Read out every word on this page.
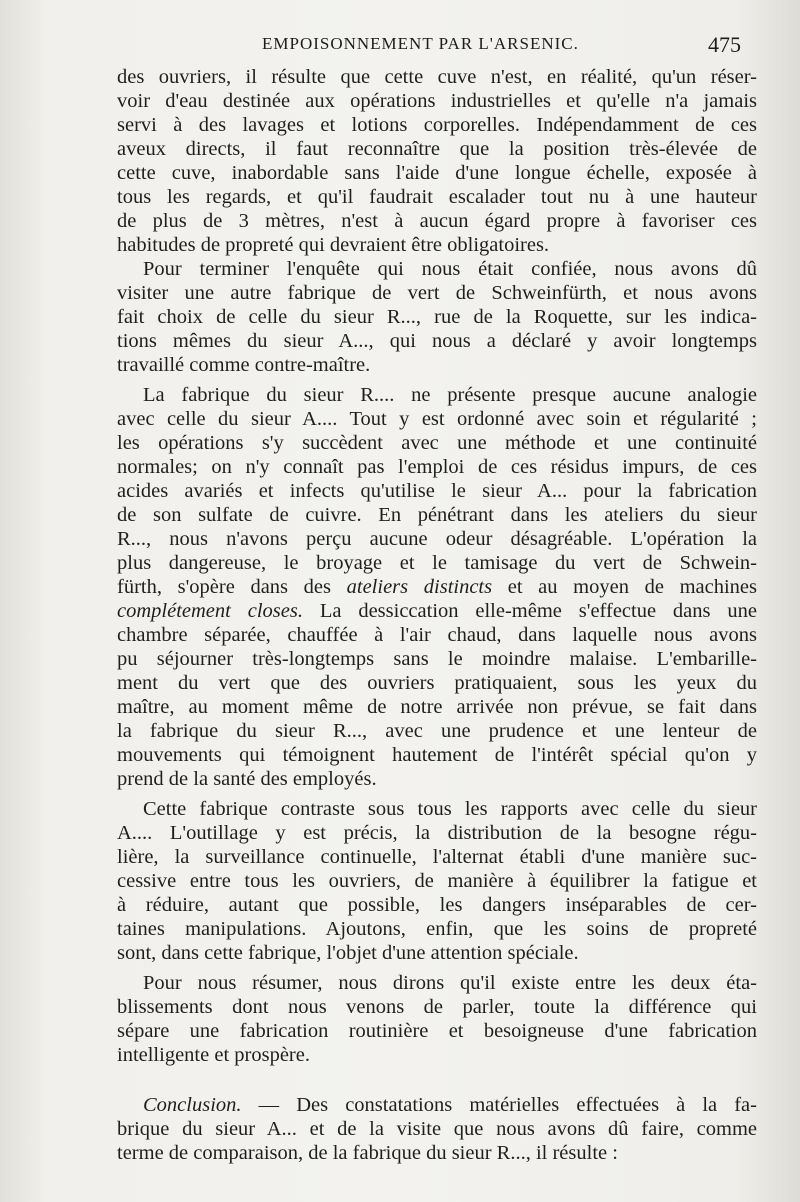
EMPOISONNEMENT PAR L'ARSENIC.	475
des ouvriers, il résulte que cette cuve n'est, en réalité, qu'un réser-
voir d'eau destinée aux opérations industrielles et qu'elle n'a jamais
servi à des lavages et lotions corporelles. Indépendamment de ces
aveux directs, il faut reconnaître que la position très-élevée de
cette cuve, inabordable sans l'aide d'une longue échelle, exposée à
tous les regards, et qu'il faudrait escalader tout nu à une hauteur
de plus de 3 mètres, n'est à aucun égard propre à favoriser ces
habitudes de propreté qui devraient être obligatoires.
Pour terminer l'enquête qui nous était confiée, nous avons dû
visiter une autre fabrique de vert de Schweinfürth, et nous avons
fait choix de celle du sieur R..., rue de la Roquette, sur les indica-
tions mêmes du sieur A..., qui nous a déclaré y avoir longtemps
travaillé comme contre-maître.
La fabrique du sieur R.... ne présente presque aucune analogie
avec celle du sieur A.... Tout y est ordonné avec soin et régularité ;
les opérations s'y succèdent avec une méthode et une continuité
normales; on n'y connaît pas l'emploi de ces résidus impurs, de ces
acides avariés et infects qu'utilise le sieur A... pour la fabrication
de son sulfate de cuivre. En pénétrant dans les ateliers du sieur
R..., nous n'avons perçu aucune odeur désagréable. L'opération la
plus dangereuse, le broyage et le tamisage du vert de Schwein-
fürth, s'opère dans des ateliers distincts et au moyen de machines
complétement closes. La dessiccation elle-même s'effectue dans une
chambre séparée, chauffée à l'air chaud, dans laquelle nous avons
pu séjourner très-longtemps sans le moindre malaise. L'embarille-
ment du vert que des ouvriers pratiquaient, sous les yeux du
maître, au moment même de notre arrivée non prévue, se fait dans
la fabrique du sieur R..., avec une prudence et une lenteur de
mouvements qui témoignent hautement de l'intérêt spécial qu'on y
prend de la santé des employés.
Cette fabrique contraste sous tous les rapports avec celle du sieur
A.... L'outillage y est précis, la distribution de la besogne régu-
lière, la surveillance continuelle, l'alternat établi d'une manière suc-
cessive entre tous les ouvriers, de manière à équilibrer la fatigue et
à réduire, autant que possible, les dangers inséparables de cer-
taines manipulations. Ajoutons, enfin, que les soins de propreté
sont, dans cette fabrique, l'objet d'une attention spéciale.
Pour nous résumer, nous dirons qu'il existe entre les deux éta-
blissements dont nous venons de parler, toute la différence qui
sépare une fabrication routinière et besoigneuse d'une fabrication
intelligente et prospère.
Conclusion. — Des constatations matérielles effectuées à la fa-
brique du sieur A... et de la visite que nous avons dû faire, comme
terme de comparaison, de la fabrique du sieur R..., il résulte :
